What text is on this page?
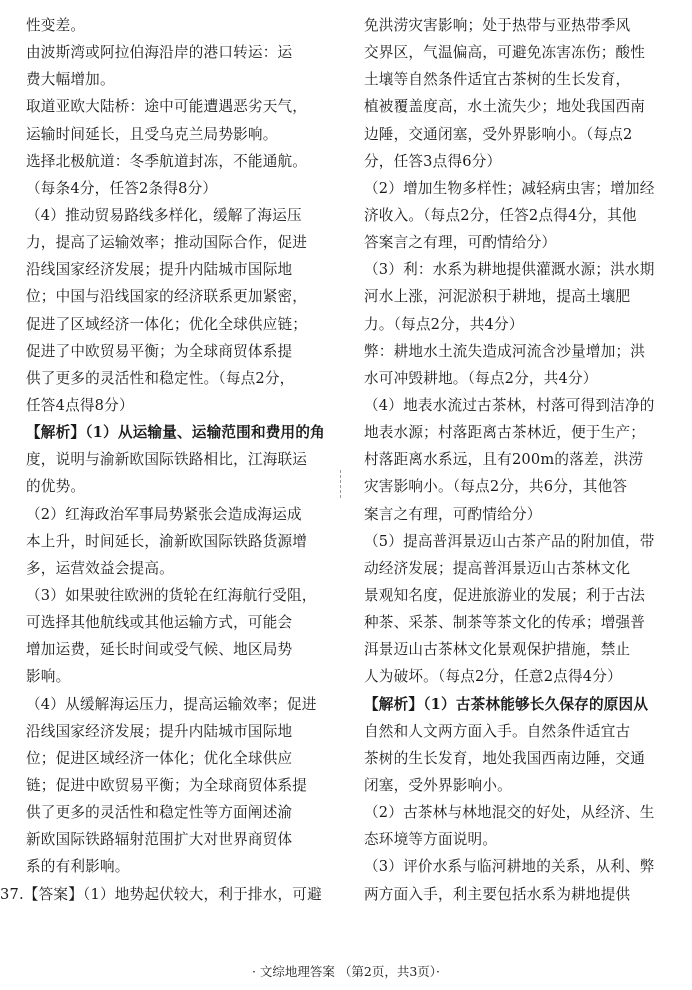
性变差。
由波斯湾或阿拉伯海沿岸的港口转运：运
费大幅增加。
取道亚欧大陆桥：途中可能遭遇恶劣天气，
运输时间延长，且受乌克兰局势影响。
选择北极航道：冬季航道封冻，不能通航。
（每条4分，任答2条得8分）
（4）推动贸易路线多样化，缓解了海运压
力，提高了运输效率；推动国际合作，促进
沿线国家经济发展；提升内陆城市国际地
位；中国与沿线国家的经济联系更加紧密，
促进了区域经济一体化；优化全球供应链；
促进了中欧贸易平衡；为全球商贸体系提
供了更多的灵活性和稳定性。（每点2分，
任答4点得8分）
【解析】（1）从运输量、运输范围和费用的角
度，说明与渝新欧国际铁路相比，江海联运
的优势。
（2）红海政治军事局势紧张会造成海运成
本上升，时间延长，渝新欧国际铁路货源增
多，运营效益会提高。
（3）如果驶往欧洲的货轮在红海航行受阻，
可选择其他航线或其他运输方式，可能会
增加运费，延长时间或受气候、地区局势
影响。
（4）从缓解海运压力，提高运输效率；促进
沿线国家经济发展；提升内陆城市国际地
位；促进区域经济一体化；优化全球供应
链；促进中欧贸易平衡；为全球商贸体系提
供了更多的灵活性和稳定性等方面阐述渝
新欧国际铁路辐射范围扩大对世界商贸体
系的有利影响。
37.【答案】（1）地势起伏较大，利于排水，可避
免洪涝灾害影响；处于热带与亚热带季风
交界区，气温偏高，可避免冻害冻伤；酸性
土壤等自然条件适宜古茶树的生长发育，
植被覆盖度高，水土流失少；地处我国西南
边陲，交通闭塞，受外界影响小。（每点2
分，任答3点得6分）
（2）增加生物多样性；减轻病虫害；增加经
济收入。（每点2分，任答2点得4分，其他
答案言之有理，可酌情给分）
（3）利：水系为耕地提供灌溉水源；洪水期
河水上涨，河泥淤积于耕地，提高土壤肥
力。（每点2分，共4分）
弊：耕地水土流失造成河流含沙量增加；洪
水可冲毁耕地。（每点2分，共4分）
（4）地表水流过古茶林，村落可得到洁净的
地表水源；村落距离古茶林近，便于生产；
村落距离水系远，且有200m的落差，洪涝
灾害影响小。（每点2分，共6分，其他答
案言之有理，可酌情给分）
（5）提高普洱景迈山古茶产品的附加值，带
动经济发展；提高普洱景迈山古茶林文化
景观知名度，促进旅游业的发展；利于古法
种茶、采茶、制茶等茶文化的传承；增强普
洱景迈山古茶林文化景观保护措施，禁止
人为破坏。（每点2分，任意2点得4分）
【解析】（1）古茶林能够长久保存的原因从
自然和人文两方面入手。自然条件适宜古
茶树的生长发育，地处我国西南边陲，交通
闭塞，受外界影响小。
（2）古茶林与林地混交的好处，从经济、生
态环境等方面说明。
（3）评价水系与临河耕地的关系，从利、弊
两方面入手，利主要包括水系为耕地提供
· 文综地理答案 （第2页，共3页）·
